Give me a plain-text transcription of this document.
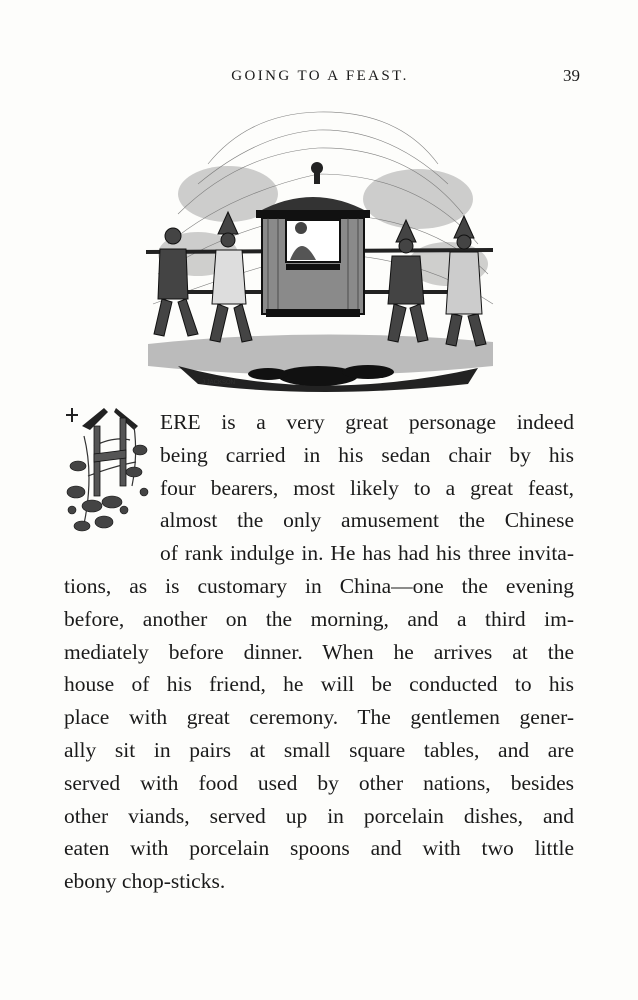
GOING TO A FEAST.	39
J.JACKSON
ERE is a very great personage indeed
being carried in his sedan chair by his
four bearers, most likely to a great feast,
almost the only amusement the Chinese
of rank indulge in. He has had his three invita-
tions, as is customary in China—one the evening
before, another on the morning, and a third im-
mediately before dinner. When he arrives at the
house of his friend, he will be conducted to his
place with great ceremony. The gentlemen gener-
ally sit in pairs at small square tables, and are
served with food used by other nations, besides
other viands, served up in porcelain dishes, and
eaten with porcelain spoons and with two little
ebony chop-sticks.
